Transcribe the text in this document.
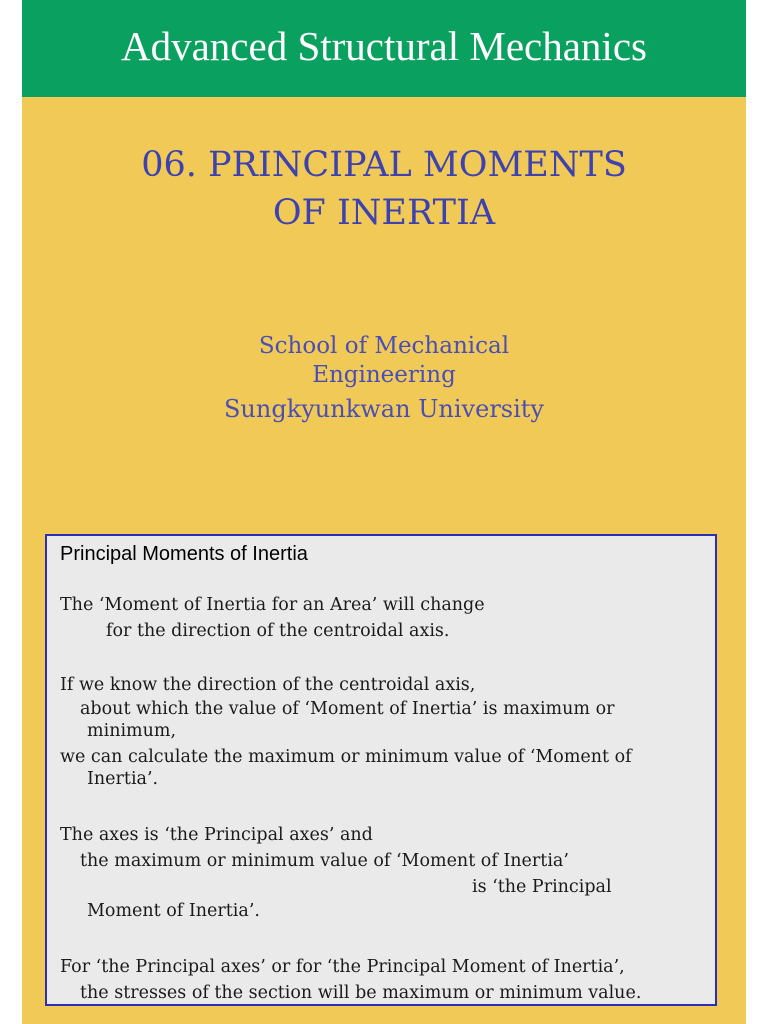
Advanced Structural Mechanics
06. PRINCIPAL MOMENTS
OF INERTIA
School of Mechanical
Engineering
Sungkyunkwan University
Principal Moments of Inertia
The ‘Moment of Inertia for an Area’ will change
for the direction of the centroidal axis.
If we know the direction of the centroidal axis,
about which the value of ‘Moment of Inertia’ is maximum or
minimum,
we can calculate the maximum or minimum value of ‘Moment of
Inertia’.
The axes is ‘the Principal axes’ and
the maximum or minimum value of ‘Moment of Inertia’
is ‘the Principal
Moment of Inertia’.
For ‘the Principal axes’ or for ‘the Principal Moment of Inertia’,
the stresses of the section will be maximum or minimum value.
